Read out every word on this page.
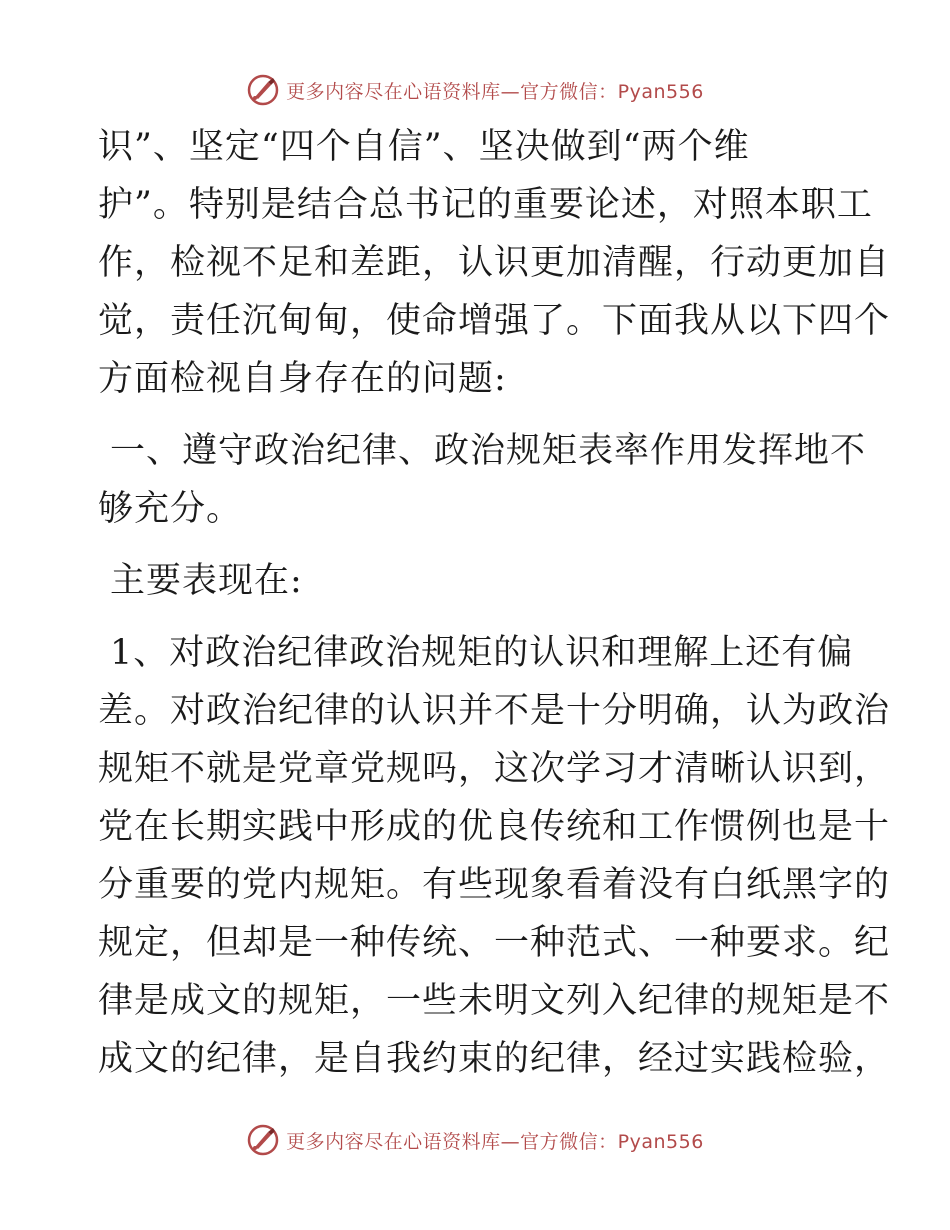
更多内容尽在心语资料库—官方微信：Pyan556
识”、坚定“四个自信”、坚决做到“两个维
护”。特别是结合总书记的重要论述，对照本职工
作，检视不足和差距，认识更加清醒，行动更加自
觉，责任沉甸甸，使命增强了。下面我从以下四个
方面检视自身存在的问题:
一、遵守政治纪律、政治规矩表率作用发挥地不
够充分。
主要表现在:
1、对政治纪律政治规矩的认识和理解上还有偏
差。对政治纪律的认识并不是十分明确，认为政治
规矩不就是党章党规吗，这次学习才清晰认识到，
党在长期实践中形成的优良传统和工作惯例也是十
分重要的党内规矩。有些现象看着没有白纸黑字的
规定，但却是一种传统、一种范式、一种要求。纪
律是成文的规矩，一些未明文列入纪律的规矩是不
成文的纪律，是自我约束的纪律，经过实践检验，
更多内容尽在心语资料库—官方微信：Pyan556
